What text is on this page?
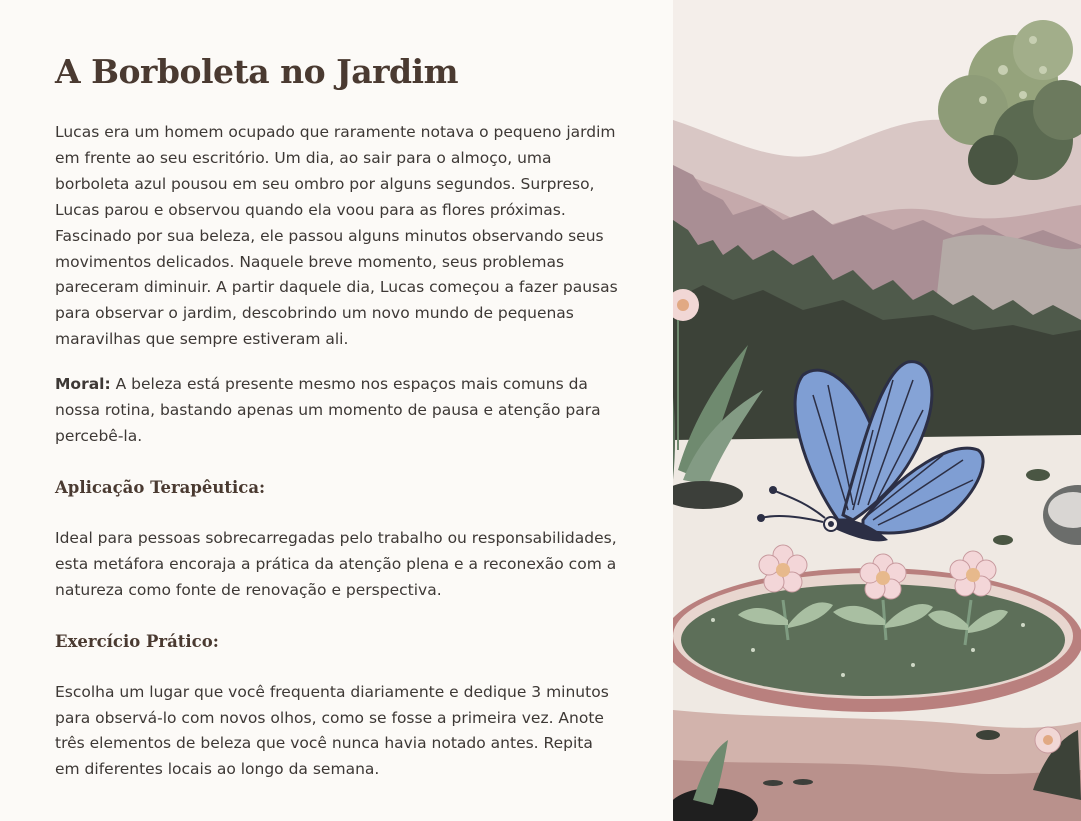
A Borboleta no Jardim

Lucas era um homem ocupado que raramente notava o pequeno jardim em frente ao seu escritório. Um dia, ao sair para o almoço, uma borboleta azul pousou em seu ombro por alguns segundos. Surpreso, Lucas parou e observou quando ela voou para as flores próximas. Fascinado por sua beleza, ele passou alguns minutos observando seus movimentos delicados. Naquele breve momento, seus problemas pareceram diminuir. A partir daquele dia, Lucas começou a fazer pausas para observar o jardim, descobrindo um novo mundo de pequenas maravilhas que sempre estiveram ali.

Moral: A beleza está presente mesmo nos espaços mais comuns da nossa rotina, bastando apenas um momento de pausa e atenção para percebê-la.

Aplicação Terapêutica:

Ideal para pessoas sobrecarregadas pelo trabalho ou responsabilidades, esta metáfora encoraja a prática da atenção plena e a reconexão com a natureza como fonte de renovação e perspectiva.

Exercício Prático:

Escolha um lugar que você frequenta diariamente e dedique 3 minutos para observá-lo com novos olhos, como se fosse a primeira vez. Anote três elementos de beleza que você nunca havia notado antes. Repita em diferentes locais ao longo da semana.
